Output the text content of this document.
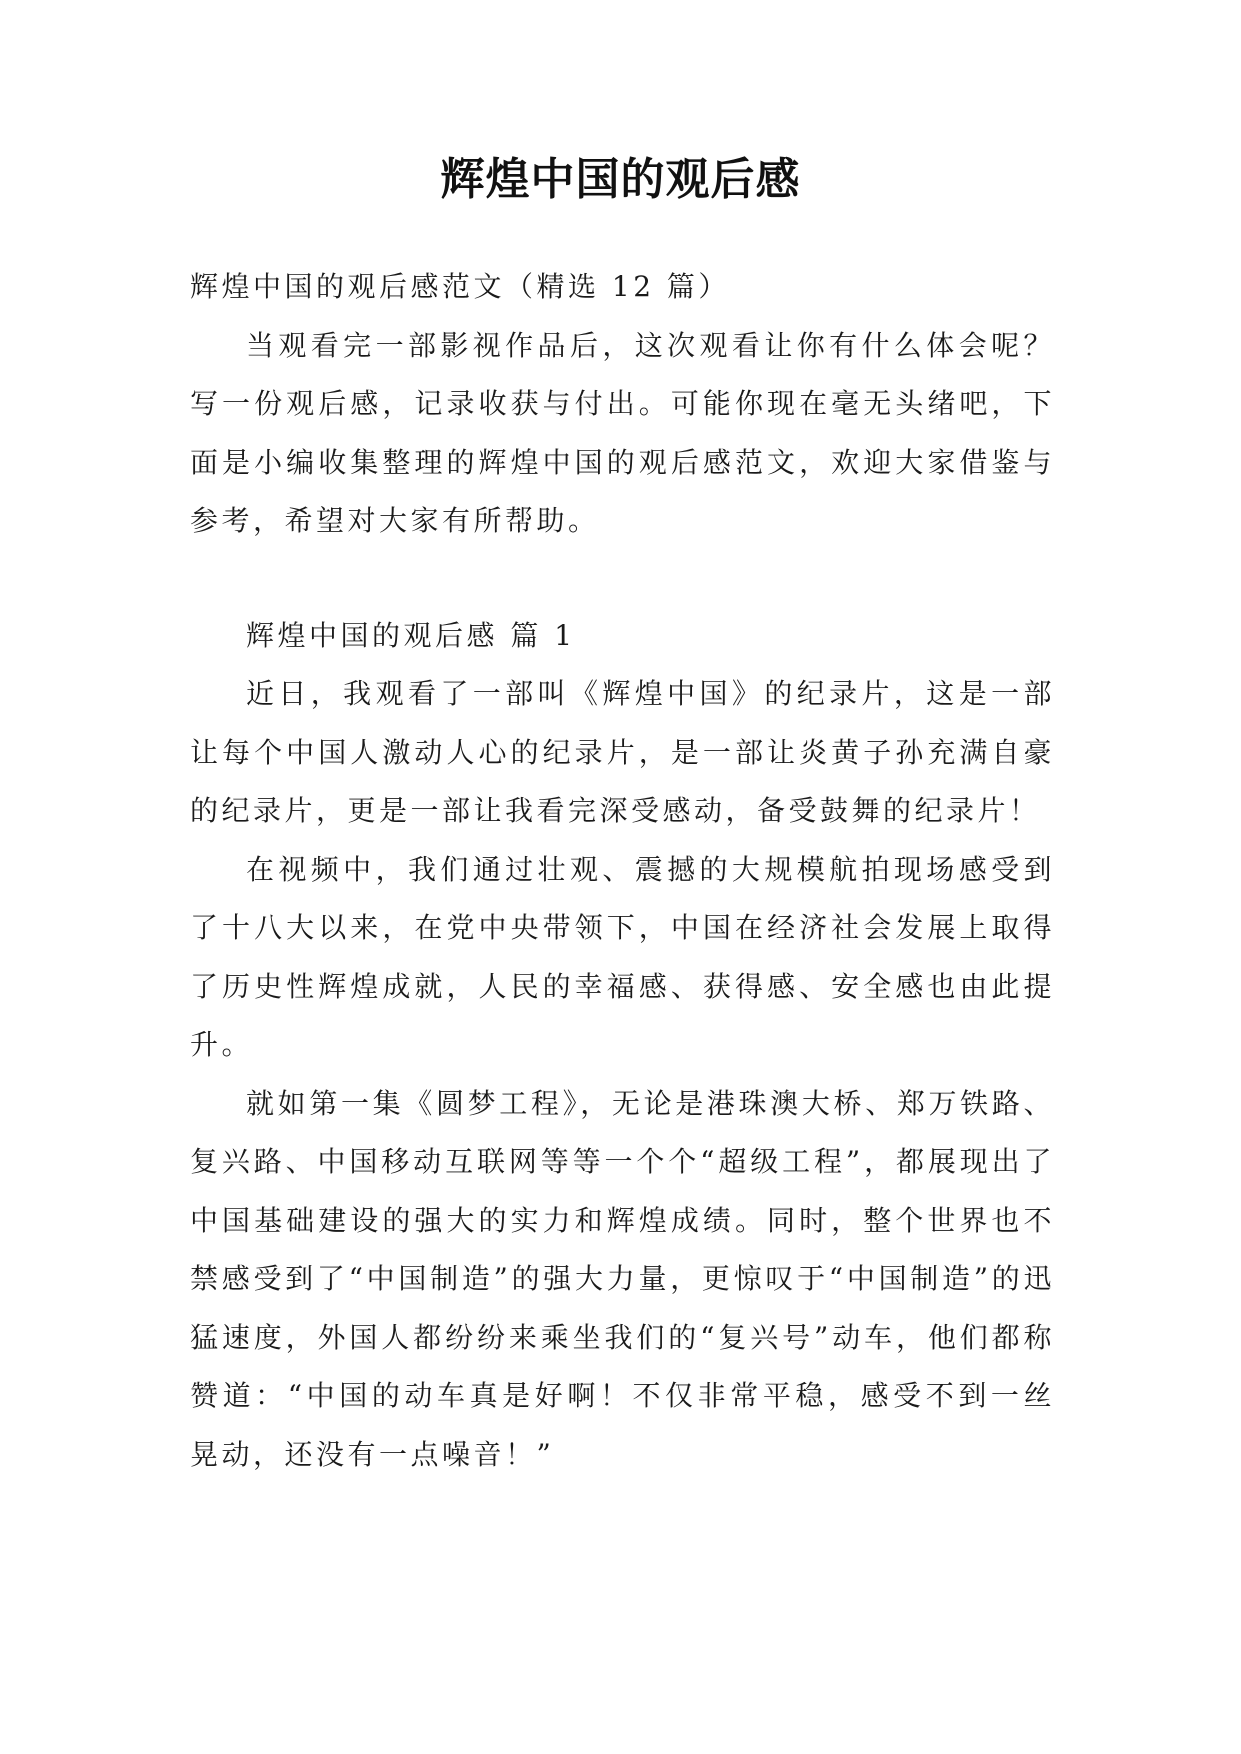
辉煌中国的观后感

辉煌中国的观后感范文（精选 12 篇）

当观看完一部影视作品后，这次观看让你有什么体会呢？写一份观后感，记录收获与付出。可能你现在毫无头绪吧，下面是小编收集整理的辉煌中国的观后感范文，欢迎大家借鉴与参考，希望对大家有所帮助。

辉煌中国的观后感 篇 1

近日，我观看了一部叫《辉煌中国》的纪录片，这是一部让每个中国人激动人心的纪录片，是一部让炎黄子孙充满自豪的纪录片，更是一部让我看完深受感动，备受鼓舞的纪录片！

在视频中，我们通过壮观、震撼的大规模航拍现场感受到了十八大以来，在党中央带领下，中国在经济社会发展上取得了历史性辉煌成就，人民的幸福感、获得感、安全感也由此提升。

就如第一集《圆梦工程》，无论是港珠澳大桥、郑万铁路、复兴路、中国移动互联网等等一个个“超级工程”，都展现出了中国基础建设的强大的实力和辉煌成绩。同时，整个世界也不禁感受到了“中国制造”的强大力量，更惊叹于“中国制造”的迅猛速度，外国人都纷纷来乘坐我们的“复兴号”动车，他们都称赞道：“中国的动车真是好啊！不仅非常平稳，感受不到一丝晃动，还没有一点噪音！”
